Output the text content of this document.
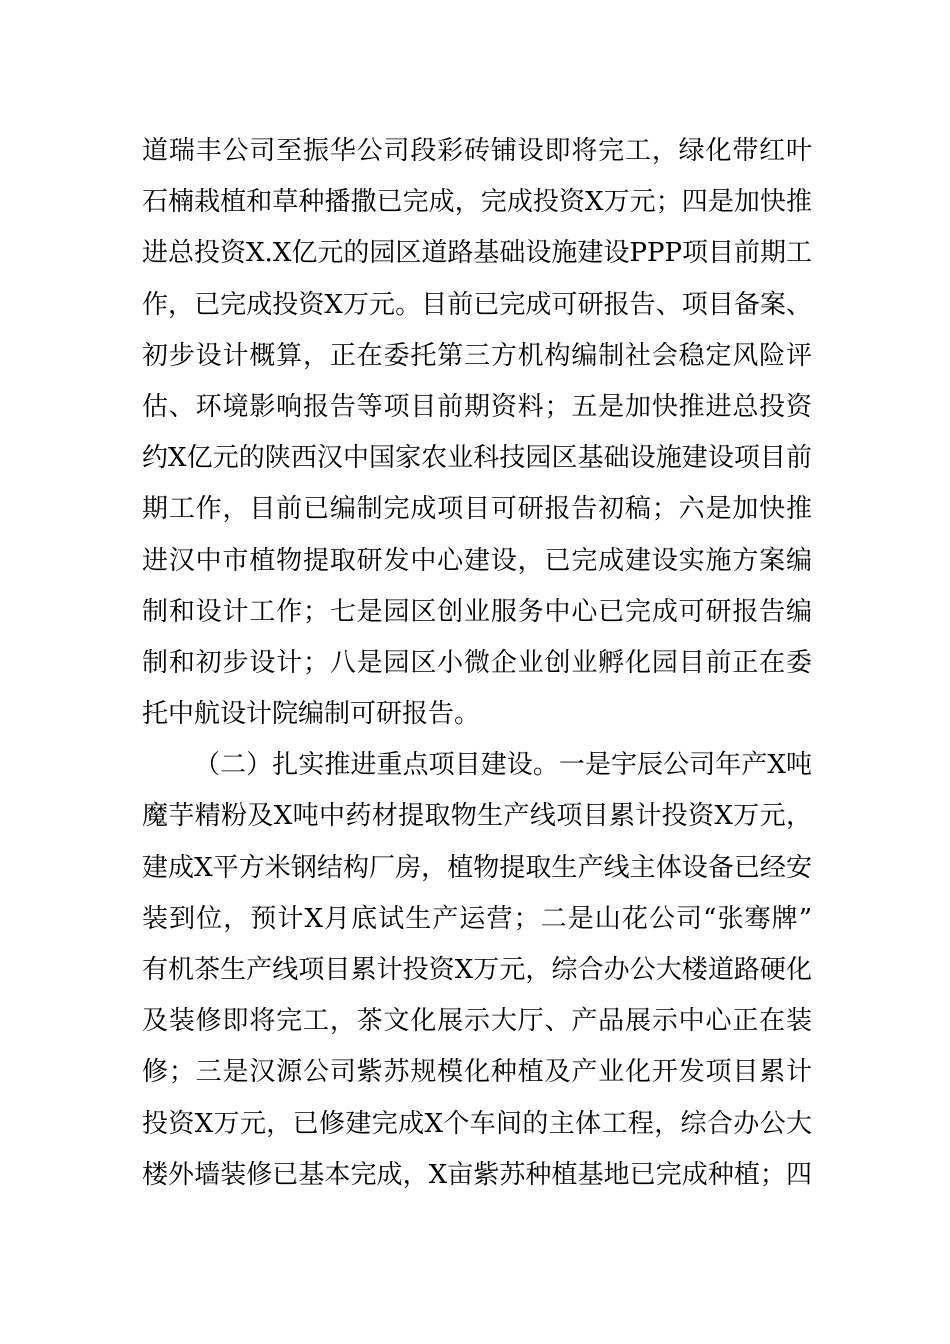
道瑞丰公司至振华公司段彩砖铺设即将完工，绿化带红叶
石楠栽植和草种播撒已完成，完成投资X万元；四是加快推
进总投资X.X亿元的园区道路基础设施建设PPP项目前期工
作，已完成投资X万元。目前已完成可研报告、项目备案、
初步设计概算，正在委托第三方机构编制社会稳定风险评
估、环境影响报告等项目前期资料；五是加快推进总投资
约X亿元的陕西汉中国家农业科技园区基础设施建设项目前
期工作，目前已编制完成项目可研报告初稿；六是加快推
进汉中市植物提取研发中心建设，已完成建设实施方案编
制和设计工作；七是园区创业服务中心已完成可研报告编
制和初步设计；八是园区小微企业创业孵化园目前正在委
托中航设计院编制可研报告。
（二）扎实推进重点项目建设。一是宇辰公司年产X吨
魔芋精粉及X吨中药材提取物生产线项目累计投资X万元，
建成X平方米钢结构厂房，植物提取生产线主体设备已经安
装到位，预计X月底试生产运营；二是山花公司“张骞牌”
有机茶生产线项目累计投资X万元，综合办公大楼道路硬化
及装修即将完工，茶文化展示大厅、产品展示中心正在装
修；三是汉源公司紫苏规模化种植及产业化开发项目累计
投资X万元，已修建完成X个车间的主体工程，综合办公大
楼外墙装修已基本完成，X亩紫苏种植基地已完成种植；四
